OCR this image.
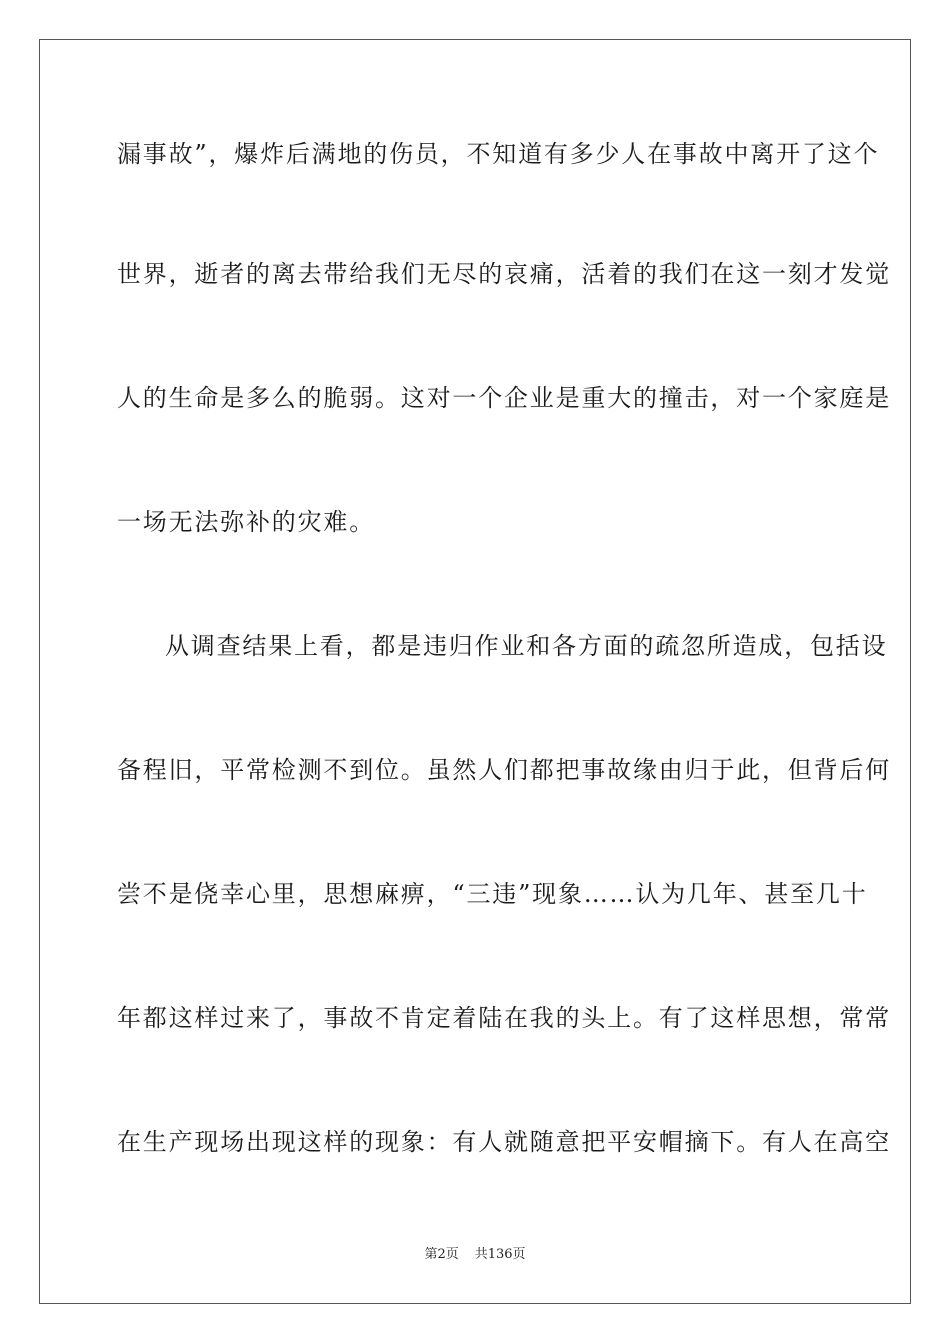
漏事故”，爆炸后满地的伤员，不知道有多少人在事故中离开了这个
世界，逝者的离去带给我们无尽的哀痛，活着的我们在这一刻才发觉
人的生命是多么的脆弱。这对一个企业是重大的撞击，对一个家庭是
一场无法弥补的灾难。
从调查结果上看，都是违归作业和各方面的疏忽所造成，包括设
备程旧，平常检测不到位。虽然人们都把事故缘由归于此，但背后何
尝不是侥幸心里，思想麻痹，“三违”现象……认为几年、甚至几十
年都这样过来了，事故不肯定着陆在我的头上。有了这样思想，常常
在生产现场出现这样的现象：有人就随意把平安帽摘下。有人在高空
第2页 共136页
